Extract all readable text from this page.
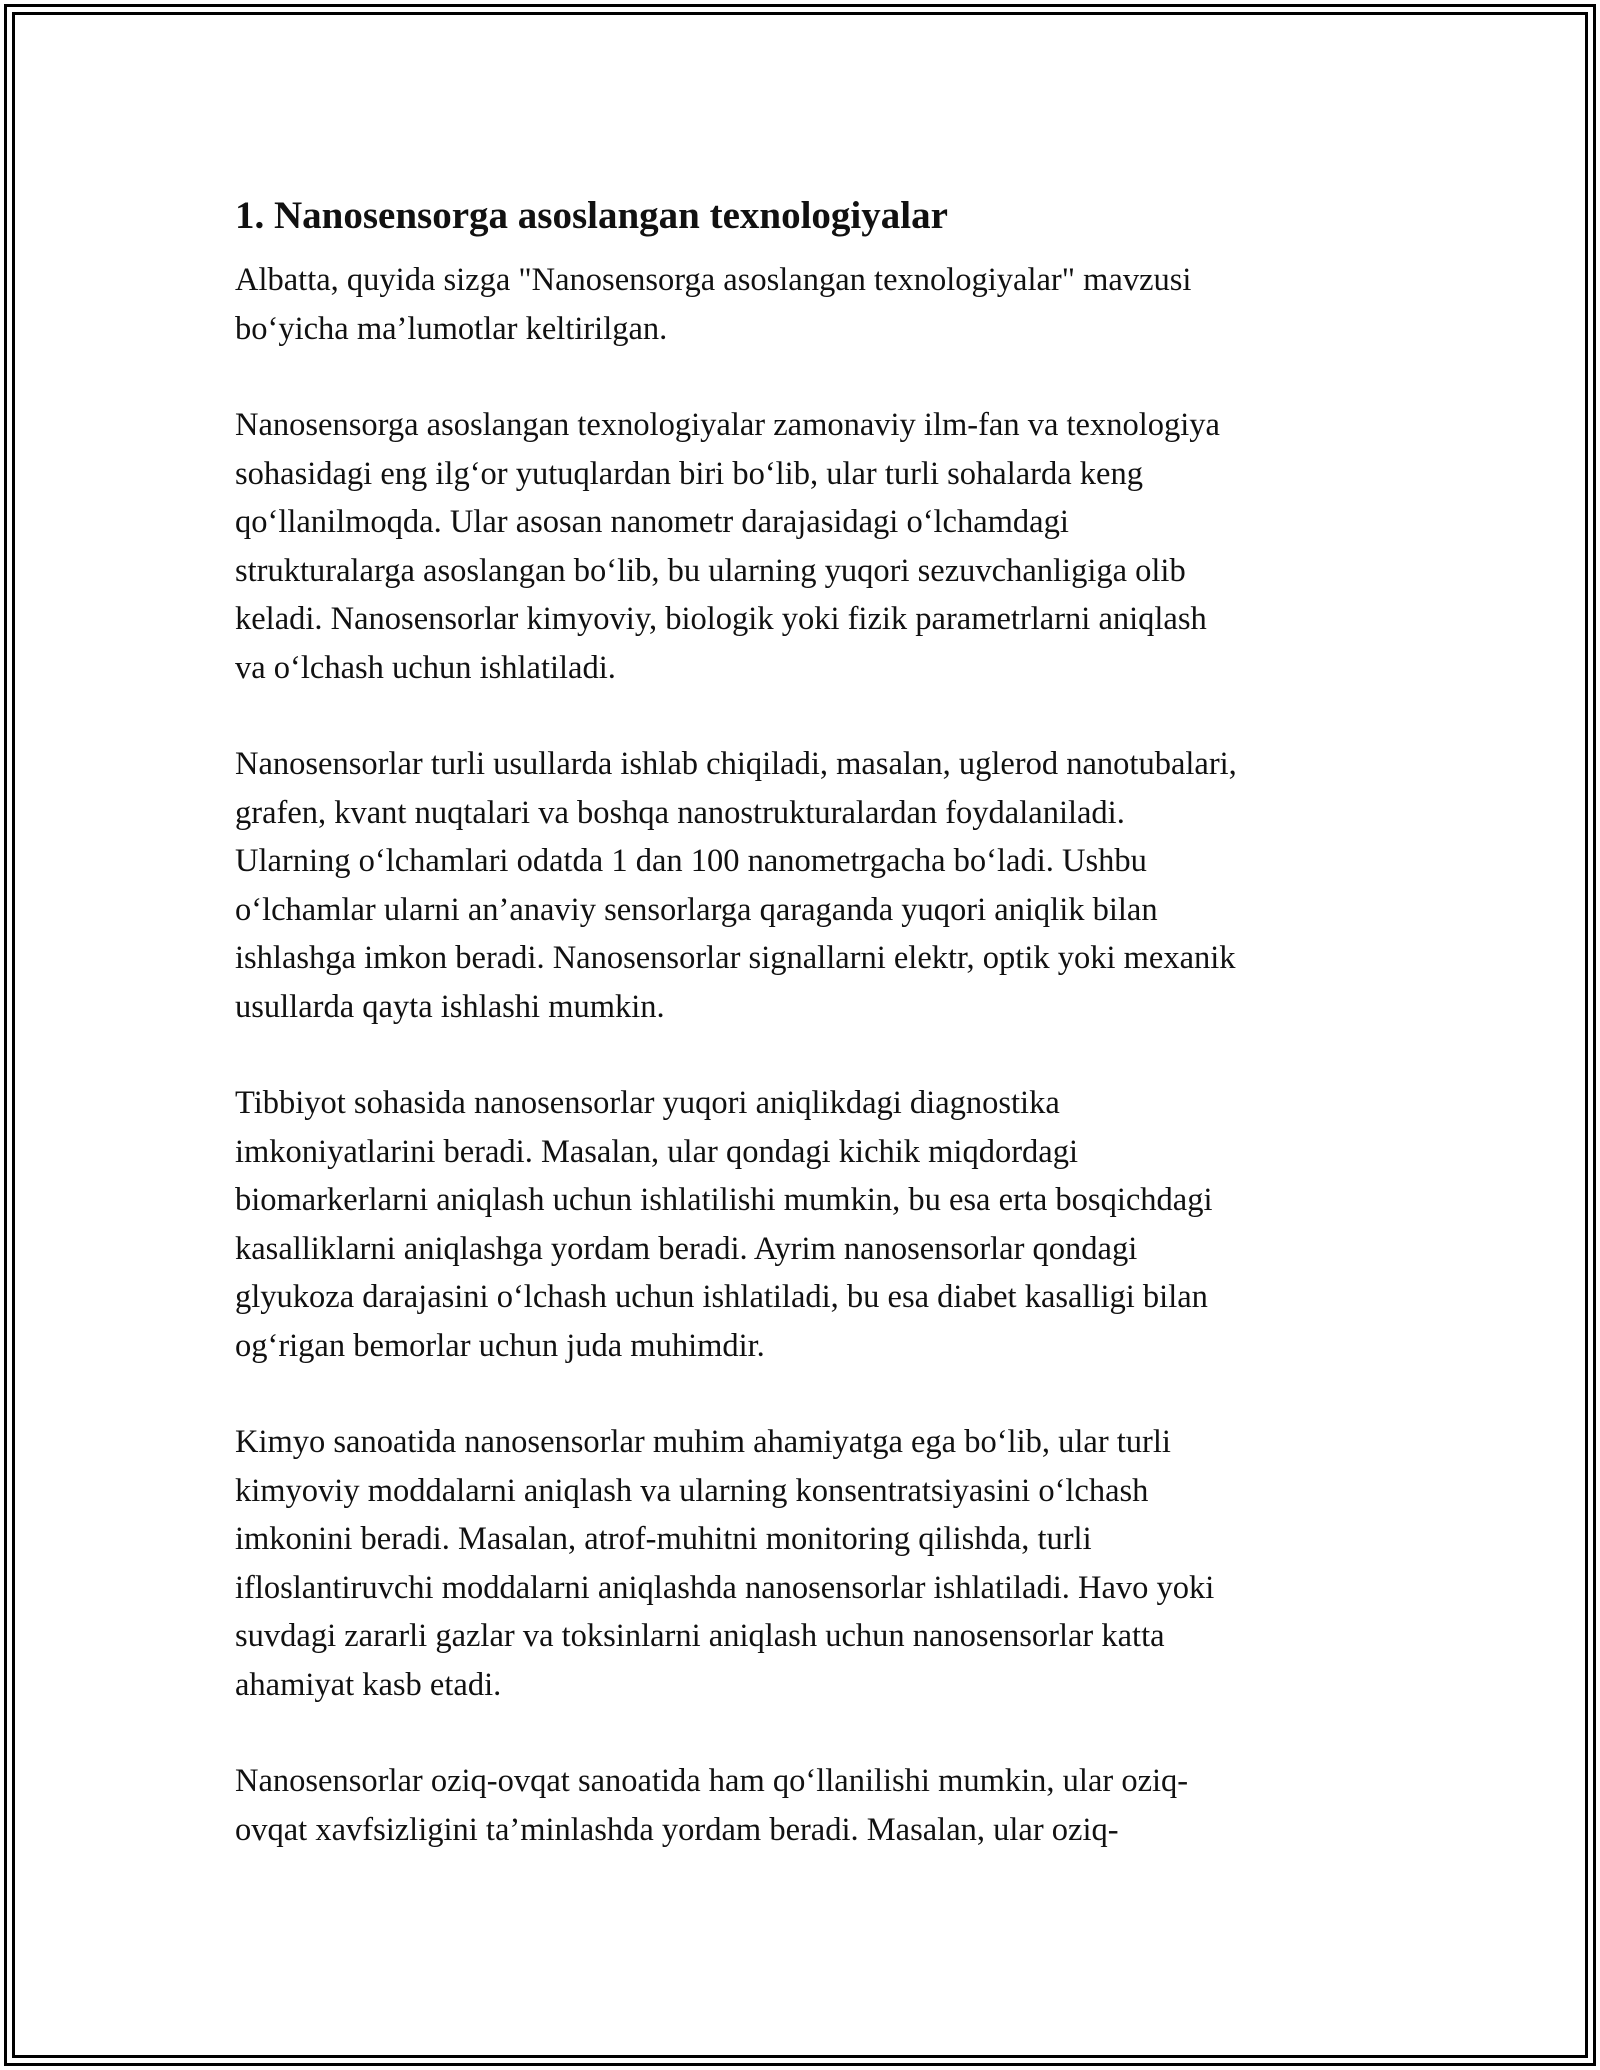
1. Nanosensorga asoslangan texnologiyalar

Albatta, quyida sizga "Nanosensorga asoslangan texnologiyalar" mavzusi
bo‘yicha ma’lumotlar keltirilgan.

Nanosensorga asoslangan texnologiyalar zamonaviy ilm-fan va texnologiya
sohasidagi eng ilg‘or yutuqlardan biri bo‘lib, ular turli sohalarda keng
qo‘llanilmoqda. Ular asosan nanometr darajasidagi o‘lchamdagi
strukturalarga asoslangan bo‘lib, bu ularning yuqori sezuvchanligiga olib
keladi. Nanosensorlar kimyoviy, biologik yoki fizik parametrlarni aniqlash
va o‘lchash uchun ishlatiladi.

Nanosensorlar turli usullarda ishlab chiqiladi, masalan, uglerod nanotubalari,
grafen, kvant nuqtalari va boshqa nanostrukturalardan foydalaniladi.
Ularning o‘lchamlari odatda 1 dan 100 nanometrgacha bo‘ladi. Ushbu
o‘lchamlar ularni an’anaviy sensorlarga qaraganda yuqori aniqlik bilan
ishlashga imkon beradi. Nanosensorlar signallarni elektr, optik yoki mexanik
usullarda qayta ishlashi mumkin.

Tibbiyot sohasida nanosensorlar yuqori aniqlikdagi diagnostika
imkoniyatlarini beradi. Masalan, ular qondagi kichik miqdordagi
biomarkerlarni aniqlash uchun ishlatilishi mumkin, bu esa erta bosqichdagi
kasalliklarni aniqlashga yordam beradi. Ayrim nanosensorlar qondagi
glyukoza darajasini o‘lchash uchun ishlatiladi, bu esa diabet kasalligi bilan
og‘rigan bemorlar uchun juda muhimdir.

Kimyo sanoatida nanosensorlar muhim ahamiyatga ega bo‘lib, ular turli
kimyoviy moddalarni aniqlash va ularning konsentratsiyasini o‘lchash
imkonini beradi. Masalan, atrof-muhitni monitoring qilishda, turli
ifloslantiruvchi moddalarni aniqlashda nanosensorlar ishlatiladi. Havo yoki
suvdagi zararli gazlar va toksinlarni aniqlash uchun nanosensorlar katta
ahamiyat kasb etadi.

Nanosensorlar oziq-ovqat sanoatida ham qo‘llanilishi mumkin, ular oziq-
ovqat xavfsizligini ta’minlashda yordam beradi. Masalan, ular oziq-
